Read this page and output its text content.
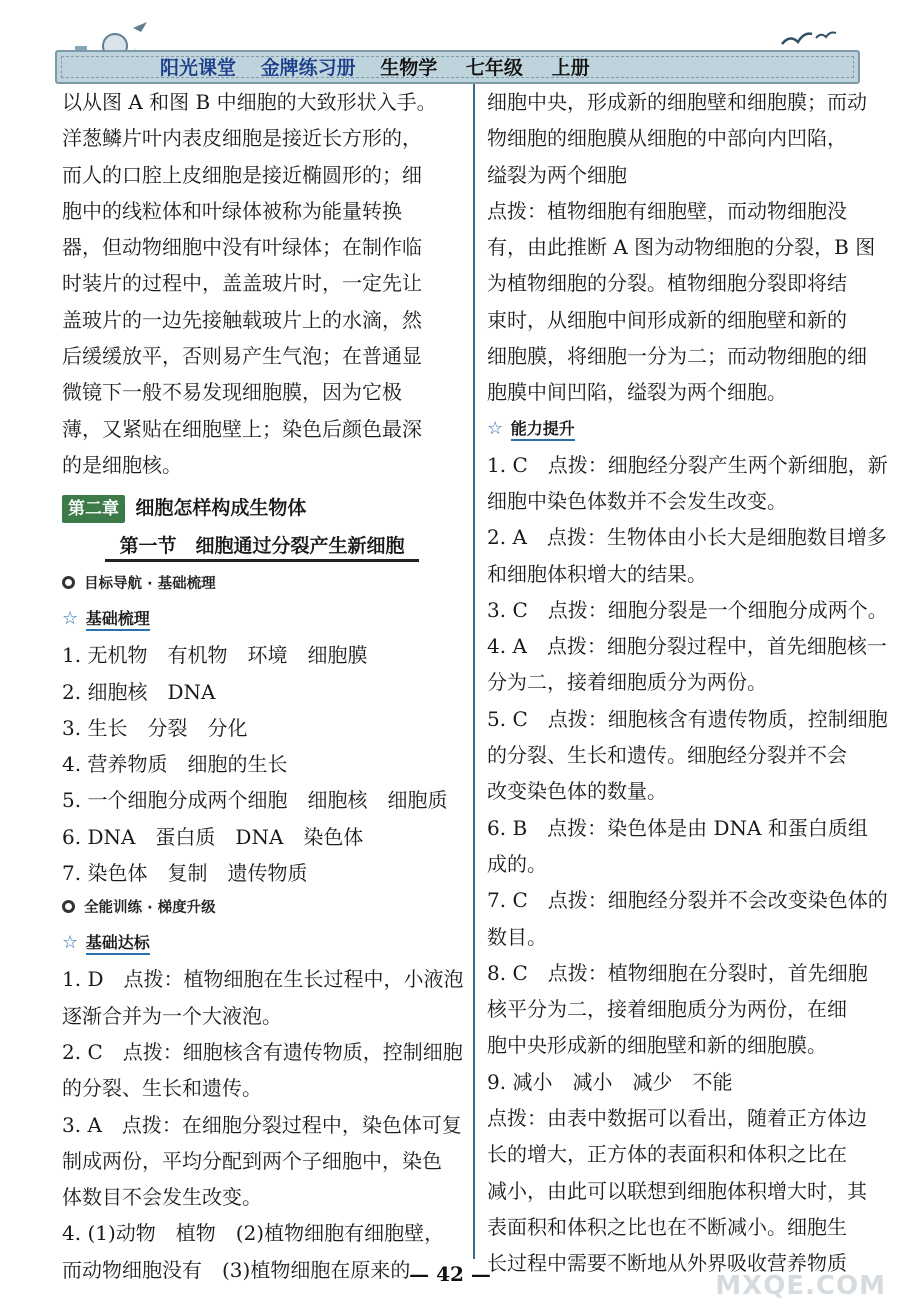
阳光课堂 金牌练习册 生物学 七年级 上册
以从图 A 和图 B 中细胞的大致形状入手。
洋葱鳞片叶内表皮细胞是接近长方形的，
而人的口腔上皮细胞是接近椭圆形的；细
胞中的线粒体和叶绿体被称为能量转换
器，但动物细胞中没有叶绿体；在制作临
时装片的过程中，盖盖玻片时，一定先让
盖玻片的一边先接触载玻片上的水滴，然
后缓缓放平，否则易产生气泡；在普通显
微镜下一般不易发现细胞膜，因为它极
薄，又紧贴在细胞壁上；染色后颜色最深
的是细胞核。
第二章 细胞怎样构成生物体
第一节　细胞通过分裂产生新细胞
目标导航 · 基础梳理
☆ 基础梳理
1. 无机物　有机物　环境　细胞膜
2. 细胞核　DNA
3. 生长　分裂　分化
4. 营养物质　细胞的生长
5. 一个细胞分成两个细胞　细胞核　细胞质
6. DNA　蛋白质　DNA　染色体
7. 染色体　复制　遗传物质
全能训练 · 梯度升级
☆ 基础达标
1. D　点拨：植物细胞在生长过程中，小液泡
逐渐合并为一个大液泡。
2. C　点拨：细胞核含有遗传物质，控制细胞
的分裂、生长和遗传。
3. A　点拨：在细胞分裂过程中，染色体可复
制成两份，平均分配到两个子细胞中，染色
体数目不会发生改变。
4. (1)动物　植物　(2)植物细胞有细胞壁，
而动物细胞没有　(3)植物细胞在原来的
细胞中央，形成新的细胞壁和细胞膜；而动
物细胞的细胞膜从细胞的中部向内凹陷，
缢裂为两个细胞
点拨：植物细胞有细胞壁，而动物细胞没
有，由此推断 A 图为动物细胞的分裂，B 图
为植物细胞的分裂。植物细胞分裂即将结
束时，从细胞中间形成新的细胞壁和新的
细胞膜，将细胞一分为二；而动物细胞的细
胞膜中间凹陷，缢裂为两个细胞。
☆ 能力提升
1. C　点拨：细胞经分裂产生两个新细胞，新
细胞中染色体数并不会发生改变。
2. A　点拨：生物体由小长大是细胞数目增多
和细胞体积增大的结果。
3. C　点拨：细胞分裂是一个细胞分成两个。
4. A　点拨：细胞分裂过程中，首先细胞核一
分为二，接着细胞质分为两份。
5. C　点拨：细胞核含有遗传物质，控制细胞
的分裂、生长和遗传。细胞经分裂并不会
改变染色体的数量。
6. B　点拨：染色体是由 DNA 和蛋白质组
成的。
7. C　点拨：细胞经分裂并不会改变染色体的
数目。
8. C　点拨：植物细胞在分裂时，首先细胞
核平分为二，接着细胞质分为两份，在细
胞中央形成新的细胞壁和新的细胞膜。
9. 减小　减小　减少　不能
点拨：由表中数据可以看出，随着正方体边
长的增大，正方体的表面积和体积之比在
减小，由此可以联想到细胞体积增大时，其
表面积和体积之比也在不断减小。细胞生
长过程中需要不断地从外界吸收营养物质
— 42 —	MXQE.COM
